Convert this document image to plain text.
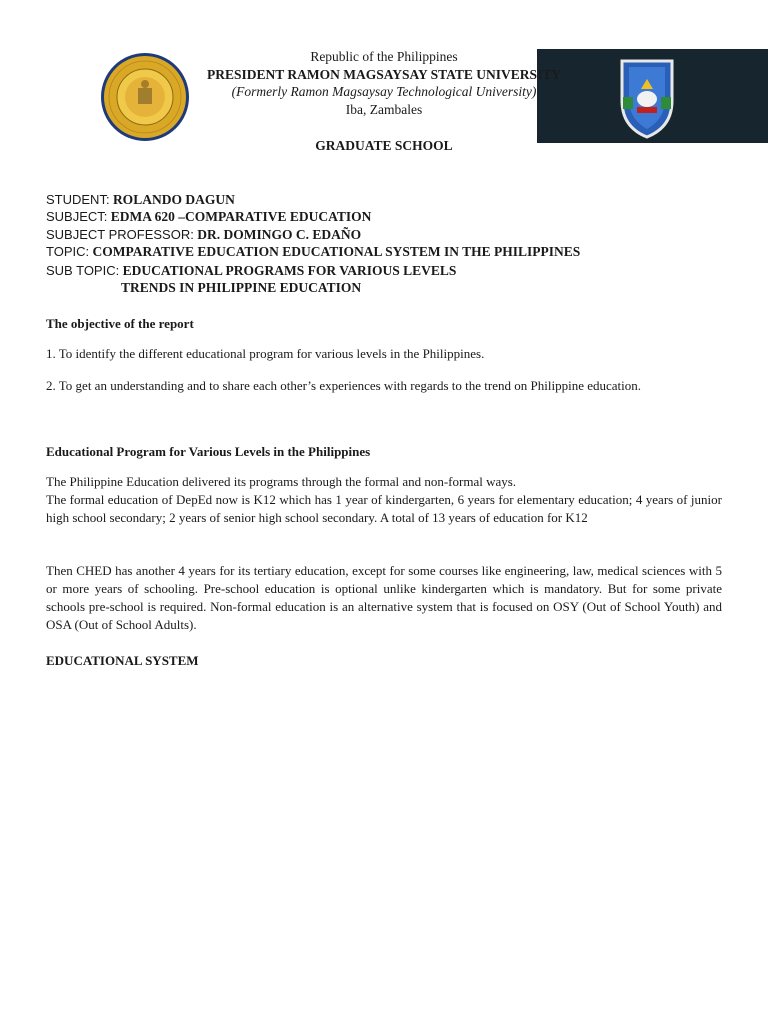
Republic of the Philippines
PRESIDENT RAMON MAGSAYSAY STATE UNIVERSITY
(Formerly Ramon Magsaysay Technological University)
Iba, Zambales
GRADUATE SCHOOL
STUDENT: ROLANDO DAGUN
SUBJECT: EDMA 620 –COMPARATIVE EDUCATION
SUBJECT PROFESSOR: DR. DOMINGO C. EDAÑO
TOPIC: COMPARATIVE EDUCATION EDUCATIONAL SYSTEM IN THE PHILIPPINES
SUB TOPIC: EDUCATIONAL PROGRAMS FOR VARIOUS LEVELS
TRENDS IN PHILIPPINE EDUCATION
The objective of the report
1. To identify the different educational program for various levels in the Philippines.
2. To get an understanding and to share each other’s experiences with regards to the trend on Philippine education.
Educational Program for Various Levels in the Philippines
The Philippine Education delivered its programs through the formal and non-formal ways.
The formal education of DepEd now is K12 which has 1 year of kindergarten, 6 years for elementary education; 4 years of junior high school secondary; 2 years of senior high school secondary. A total of 13 years of education for K12
Then CHED has another 4 years for its tertiary education, except for some courses like engineering, law, medical sciences with 5 or more years of schooling. Pre-school education is optional unlike kindergarten which is mandatory. But for some private schools pre-school is required. Non-formal education is an alternative system that is focused on OSY (Out of School Youth) and OSA (Out of School Adults).
EDUCATIONAL SYSTEM
